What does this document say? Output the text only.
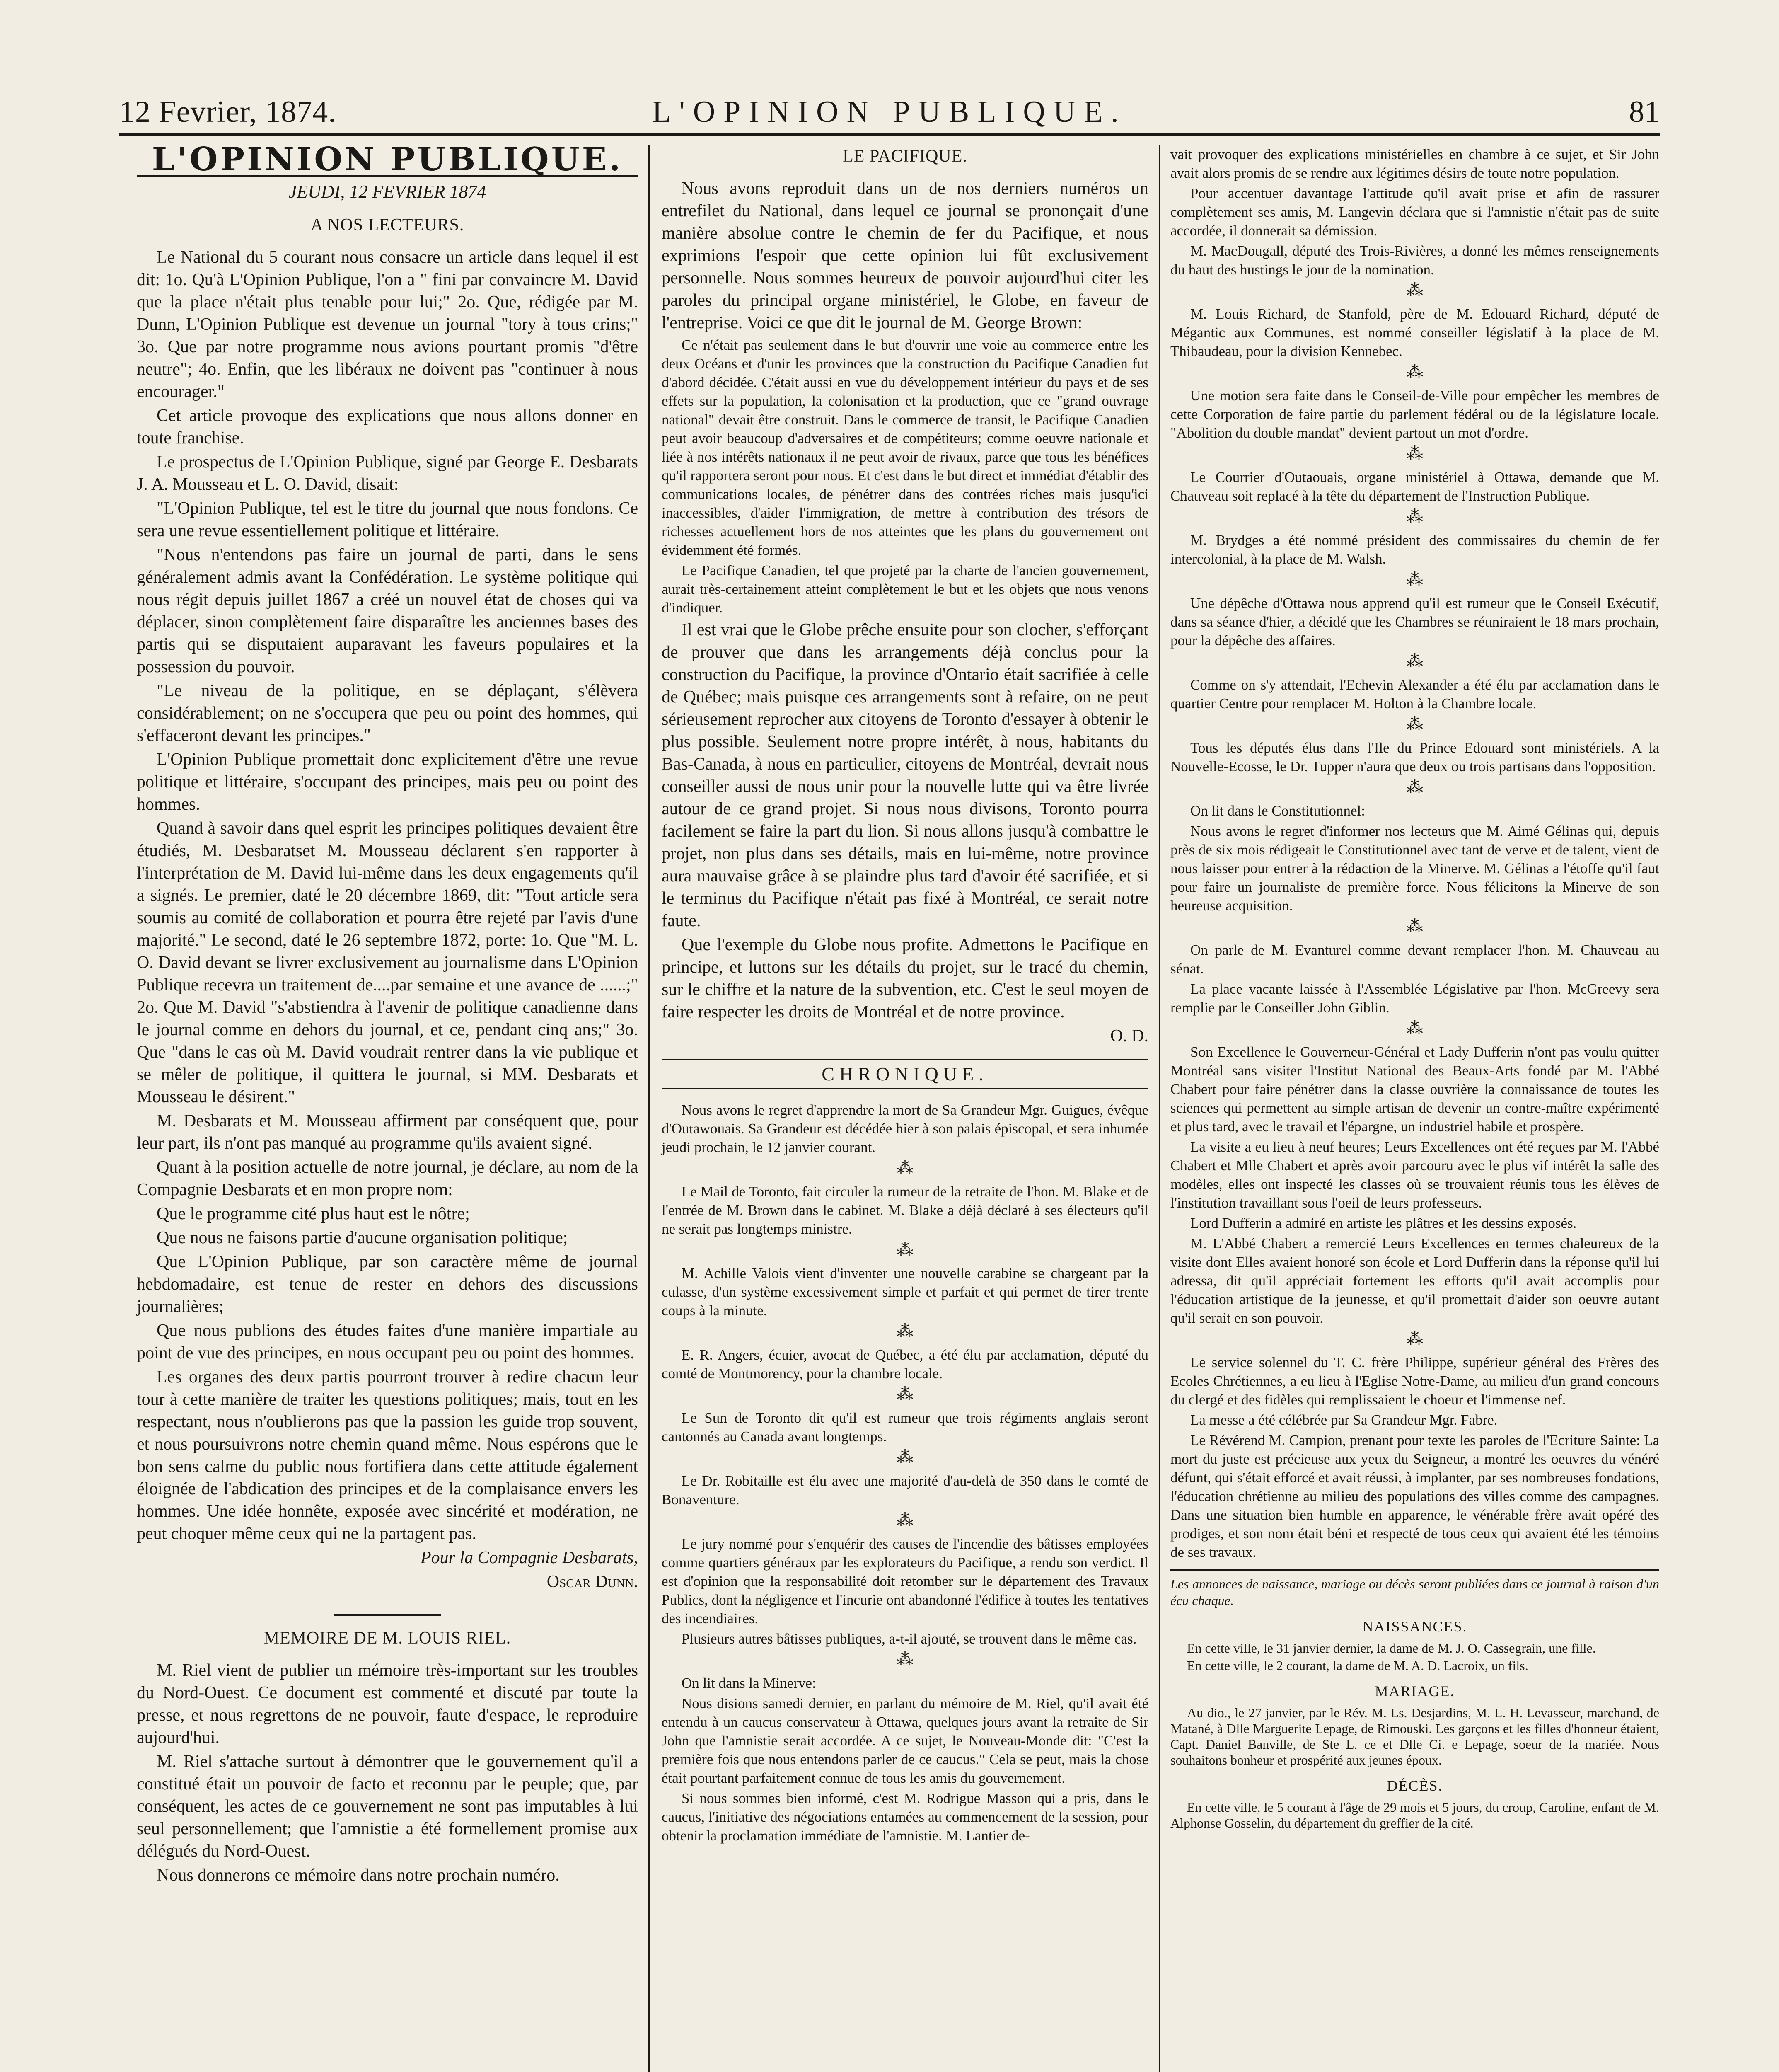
12 Fevrier, 1874.	L'OPINION PUBLIQUE.	81
L'OPINION PUBLIQUE.
JEUDI, 12 FEVRIER 1874
A NOS LECTEURS.

Le National du 5 courant nous consacre un article dans lequel il est dit: 1o. Qu'à L'Opinion Publique, l'on a " fini par convaincre M. David que la place n'était plus tenable pour lui;" 2o. Que, rédigée par M. Dunn, L'Opinion Publique est devenue un journal "tory à tous crins;" 3o. Que par notre programme nous avions pourtant promis "d'être neutre"; 4o. Enfin, que les libéraux ne doivent pas "continuer à nous encourager."

Cet article provoque des explications que nous allons donner en toute franchise.

Le prospectus de L'Opinion Publique, signé par George E. Desbarats J. A. Mousseau et L. O. David, disait:

"L'Opinion Publique, tel est le titre du journal que nous fondons. Ce sera une revue essentiellement politique et littéraire.

"Nous n'entendons pas faire un journal de parti, dans le sens généralement admis avant la Confédération. Le système politique qui nous régit depuis juillet 1867 a créé un nouvel état de choses qui va déplacer, sinon complètement faire disparaître les anciennes bases des partis qui se disputaient auparavant les faveurs populaires et la possession du pouvoir.

"Le niveau de la politique, en se déplaçant, s'élèvera considérablement; on ne s'occupera que peu ou point des hommes, qui s'effaceront devant les principes."

L'Opinion Publique promettait donc explicitement d'être une revue politique et littéraire, s'occupant des principes, mais peu ou point des hommes.

Quand à savoir dans quel esprit les principes politiques devaient être étudiés, M. Desbaratset M. Mousseau déclarent s'en rapporter à l'interprétation de M. David lui-même dans les deux engagements qu'il a signés. Le premier, daté le 20 décembre 1869, dit: "Tout article sera soumis au comité de collaboration et pourra être rejeté par l'avis d'une majorité." Le second, daté le 26 septembre 1872, porte: 1o. Que "M. L. O. David devant se livrer exclusivement au journalisme dans L'Opinion Publique recevra un traitement de....par semaine et une avance de ......;" 2o. Que M. David "s'abstiendra à l'avenir de politique canadienne dans le journal comme en dehors du journal, et ce, pendant cinq ans;" 3o. Que "dans le cas où M. David voudrait rentrer dans la vie publique et se mêler de politique, il quittera le journal, si MM. Desbarats et Mousseau le désirent."

M. Desbarats et M. Mousseau affirment par conséquent que, pour leur part, ils n'ont pas manqué au programme qu'ils avaient signé.

Quant à la position actuelle de notre journal, je déclare, au nom de la Compagnie Desbarats et en mon propre nom:

Que le programme cité plus haut est le nôtre;

Que nous ne faisons partie d'aucune organisation politique;

Que L'Opinion Publique, par son caractère même de journal hebdomadaire, est tenue de rester en dehors des discussions journalières;

Que nous publions des études faites d'une manière impartiale au point de vue des principes, en nous occupant peu ou point des hommes.

Les organes des deux partis pourront trouver à redire chacun leur tour à cette manière de traiter les questions politiques; mais, tout en les respectant, nous n'oublierons pas que la passion les guide trop souvent, et nous poursuivrons notre chemin quand même. Nous espérons que le bon sens calme du public nous fortifiera dans cette attitude également éloignée de l'abdication des principes et de la complaisance envers les hommes. Une idée honnête, exposée avec sincérité et modération, ne peut choquer même ceux qui ne la partagent pas.

Pour la Compagnie Desbarats,
Oscar Dunn.
MEMOIRE DE M. LOUIS RIEL.

M. Riel vient de publier un mémoire très-important sur les troubles du Nord-Ouest. Ce document est commenté et discuté par toute la presse, et nous regrettons de ne pouvoir, faute d'espace, le reproduire aujourd'hui.

M. Riel s'attache surtout à démontrer que le gouvernement qu'il a constitué était un pouvoir de facto et reconnu par le peuple; que, par conséquent, les actes de ce gouvernement ne sont pas imputables à lui seul personnellement; que l'amnistie a été formellement promise aux délégués du Nord-Ouest.

Nous donnerons ce mémoire dans notre prochain numéro.

LE PACIFIQUE.

Nous avons reproduit dans un de nos derniers numéros un entrefilet du National, dans lequel ce journal se prononçait d'une manière absolue contre le chemin de fer du Pacifique, et nous exprimions l'espoir que cette opinion lui fût exclusivement personnelle. Nous sommes heureux de pouvoir aujourd'hui citer les paroles du principal organe ministériel, le Globe, en faveur de l'entreprise. Voici ce que dit le journal de M. George Brown:

Ce n'était pas seulement dans le but d'ouvrir une voie au commerce entre les deux Océans et d'unir les provinces que la construction du Pacifique Canadien fut d'abord décidée. C'était aussi en vue du développement intérieur du pays et de ses effets sur la population, la colonisation et la production, que ce "grand ouvrage national" devait être construit. Dans le commerce de transit, le Pacifique Canadien peut avoir beaucoup d'adversaires et de compétiteurs; comme oeuvre nationale et liée à nos intérêts nationaux il ne peut avoir de rivaux, parce que tous les bénéfices qu'il rapportera seront pour nous. Et c'est dans le but direct et immédiat d'établir des communications locales, de pénétrer dans des contrées riches mais jusqu'ici inaccessibles, d'aider l'immigration, de mettre à contribution des trésors de richesses actuellement hors de nos atteintes que les plans du gouvernement ont évidemment été formés.

Le Pacifique Canadien, tel que projeté par la charte de l'ancien gouvernement, aurait très-certainement atteint complètement le but et les objets que nous venons d'indiquer.

Il est vrai que le Globe prêche ensuite pour son clocher, s'efforçant de prouver que dans les arrangements déjà conclus pour la construction du Pacifique, la province d'Ontario était sacrifiée à celle de Québec; mais puisque ces arrangements sont à refaire, on ne peut sérieusement reprocher aux citoyens de Toronto d'essayer à obtenir le plus possible. Seulement notre propre intérêt, à nous, habitants du Bas-Canada, à nous en particulier, citoyens de Montréal, devrait nous conseiller aussi de nous unir pour la nouvelle lutte qui va être livrée autour de ce grand projet. Si nous nous divisons, Toronto pourra facilement se faire la part du lion. Si nous allons jusqu'à combattre le projet, non plus dans ses détails, mais en lui-même, notre province aura mauvaise grâce à se plaindre plus tard d'avoir été sacrifiée, et si le terminus du Pacifique n'était pas fixé à Montréal, ce serait notre faute.

Que l'exemple du Globe nous profite. Admettons le Pacifique en principe, et luttons sur les détails du projet, sur le tracé du chemin, sur le chiffre et la nature de la subvention, etc. C'est le seul moyen de faire respecter les droits de Montréal et de notre province.

O. D.
CHRONIQUE.

Nous avons le regret d'apprendre la mort de Sa Grandeur Mgr. Guigues, évêque d'Outawouais. Sa Grandeur est décédée hier à son palais épiscopal, et sera inhumée jeudi prochain, le 12 janvier courant.

⁂

Le Mail de Toronto, fait circuler la rumeur de la retraite de l'hon. M. Blake et de l'entrée de M. Brown dans le cabinet. M. Blake a déjà déclaré à ses électeurs qu'il ne serait pas longtemps ministre.

⁂

M. Achille Valois vient d'inventer une nouvelle carabine se chargeant par la culasse, d'un système excessivement simple et parfait et qui permet de tirer trente coups à la minute.

⁂

E. R. Angers, écuier, avocat de Québec, a été élu par acclamation, député du comté de Montmorency, pour la chambre locale.

⁂

Le Sun de Toronto dit qu'il est rumeur que trois régiments anglais seront cantonnés au Canada avant longtemps.

⁂

Le Dr. Robitaille est élu avec une majorité d'au-delà de 350 dans le comté de Bonaventure.

⁂

Le jury nommé pour s'enquérir des causes de l'incendie des bâtisses employées comme quartiers généraux par les explorateurs du Pacifique, a rendu son verdict. Il est d'opinion que la responsabilité doit retomber sur le département des Travaux Publics, dont la négligence et l'incurie ont abandonné l'édifice à toutes les tentatives des incendiaires.

Plusieurs autres bâtisses publiques, a-t-il ajouté, se trouvent dans le même cas.

⁂

On lit dans la Minerve:

Nous disions samedi dernier, en parlant du mémoire de M. Riel, qu'il avait été entendu à un caucus conservateur à Ottawa, quelques jours avant la retraite de Sir John que l'amnistie serait accordée. A ce sujet, le Nouveau-Monde dit: "C'est la première fois que nous entendons parler de ce caucus." Cela se peut, mais la chose était pourtant parfaitement connue de tous les amis du gouvernement.

Si nous sommes bien informé, c'est M. Rodrigue Masson qui a pris, dans le caucus, l'initiative des négociations entamées au commencement de la session, pour obtenir la proclamation immédiate de l'amnistie. M. Lantier de-

vait provoquer des explications ministérielles en chambre à ce sujet, et Sir John avait alors promis de se rendre aux légitimes désirs de toute notre population.

Pour accentuer davantage l'attitude qu'il avait prise et afin de rassurer complètement ses amis, M. Langevin déclara que si l'amnistie n'était pas de suite accordée, il donnerait sa démission.

M. MacDougall, député des Trois-Rivières, a donné les mêmes renseignements du haut des hustings le jour de la nomination.

⁂

M. Louis Richard, de Stanfold, père de M. Edouard Richard, député de Mégantic aux Communes, est nommé conseiller législatif à la place de M. Thibaudeau, pour la division Kennebec.

⁂

Une motion sera faite dans le Conseil-de-Ville pour empêcher les membres de cette Corporation de faire partie du parlement fédéral ou de la législature locale. "Abolition du double mandat" devient partout un mot d'ordre.

⁂

Le Courrier d'Outaouais, organe ministériel à Ottawa, demande que M. Chauveau soit replacé à la tête du département de l'Instruction Publique.

⁂

M. Brydges a été nommé président des commissaires du chemin de fer intercolonial, à la place de M. Walsh.

⁂

Une dépêche d'Ottawa nous apprend qu'il est rumeur que le Conseil Exécutif, dans sa séance d'hier, a décidé que les Chambres se réuniraient le 18 mars prochain, pour la dépêche des affaires.

⁂

Comme on s'y attendait, l'Echevin Alexander a été élu par acclamation dans le quartier Centre pour remplacer M. Holton à la Chambre locale.

⁂

Tous les députés élus dans l'Ile du Prince Edouard sont ministériels. A la Nouvelle-Ecosse, le Dr. Tupper n'aura que deux ou trois partisans dans l'opposition.

⁂

On lit dans le Constitutionnel:

Nous avons le regret d'informer nos lecteurs que M. Aimé Gélinas qui, depuis près de six mois rédigeait le Constitutionnel avec tant de verve et de talent, vient de nous laisser pour entrer à la rédaction de la Minerve. M. Gélinas a l'étoffe qu'il faut pour faire un journaliste de première force. Nous félicitons la Minerve de son heureuse acquisition.

⁂

On parle de M. Evanturel comme devant remplacer l'hon. M. Chauveau au sénat.

La place vacante laissée à l'Assemblée Législative par l'hon. McGreevy sera remplie par le Conseiller John Giblin.

⁂

Son Excellence le Gouverneur-Général et Lady Dufferin n'ont pas voulu quitter Montréal sans visiter l'Institut National des Beaux-Arts fondé par M. l'Abbé Chabert pour faire pénétrer dans la classe ouvrière la connaissance de toutes les sciences qui permettent au simple artisan de devenir un contre-maître expérimenté et plus tard, avec le travail et l'épargne, un industriel habile et prospère.

La visite a eu lieu à neuf heures; Leurs Excellences ont été reçues par M. l'Abbé Chabert et Mlle Chabert et après avoir parcouru avec le plus vif intérêt la salle des modèles, elles ont inspecté les classes où se trouvaient réunis tous les élèves de l'institution travaillant sous l'oeil de leurs professeurs.

Lord Dufferin a admiré en artiste les plâtres et les dessins exposés.

M. L'Abbé Chabert a remercié Leurs Excellences en termes chaleureux de la visite dont Elles avaient honoré son école et Lord Dufferin dans la réponse qu'il lui adressa, dit qu'il appréciait fortement les efforts qu'il avait accomplis pour l'éducation artistique de la jeunesse, et qu'il promettait d'aider son oeuvre autant qu'il serait en son pouvoir.

⁂

Le service solennel du T. C. frère Philippe, supérieur général des Frères des Ecoles Chrétiennes, a eu lieu à l'Eglise Notre-Dame, au milieu d'un grand concours du clergé et des fidèles qui remplissaient le choeur et l'immense nef.

La messe a été célébrée par Sa Grandeur Mgr. Fabre.

Le Révérend M. Campion, prenant pour texte les paroles de l'Ecriture Sainte: La mort du juste est précieuse aux yeux du Seigneur, a montré les oeuvres du vénéré défunt, qui s'était efforcé et avait réussi, à implanter, par ses nombreuses fondations, l'éducation chrétienne au milieu des populations des villes comme des campagnes. Dans une situation bien humble en apparence, le vénérable frère avait opéré des prodiges, et son nom était béni et respecté de tous ceux qui avaient été les témoins de ses travaux.

Les annonces de naissance, mariage ou décès seront publiées dans ce journal à raison d'un écu chaque.
NAISSANCES.

En cette ville, le 31 janvier dernier, la dame de M. J. O. Cassegrain, une fille.

En cette ville, le 2 courant, la dame de M. A. D. Lacroix, un fils.

MARIAGE.

Au dio., le 27 janvier, par le Rév. M. Ls. Desjardins, M. L. H. Levasseur, marchand, de Matané, à Dlle Marguerite Lepage, de Rimouski. Les garçons et les filles d'honneur étaient, Capt. Daniel Banville, de Ste L. ce et Dlle Ci. e Lepage, soeur de la mariée. Nous souhaitons bonheur et prospérité aux jeunes époux.

DÉCÈS.

En cette ville, le 5 courant à l'âge de 29 mois et 5 jours, du croup, Caroline, enfant de M. Alphonse Gosselin, du département du greffier de la cité.
